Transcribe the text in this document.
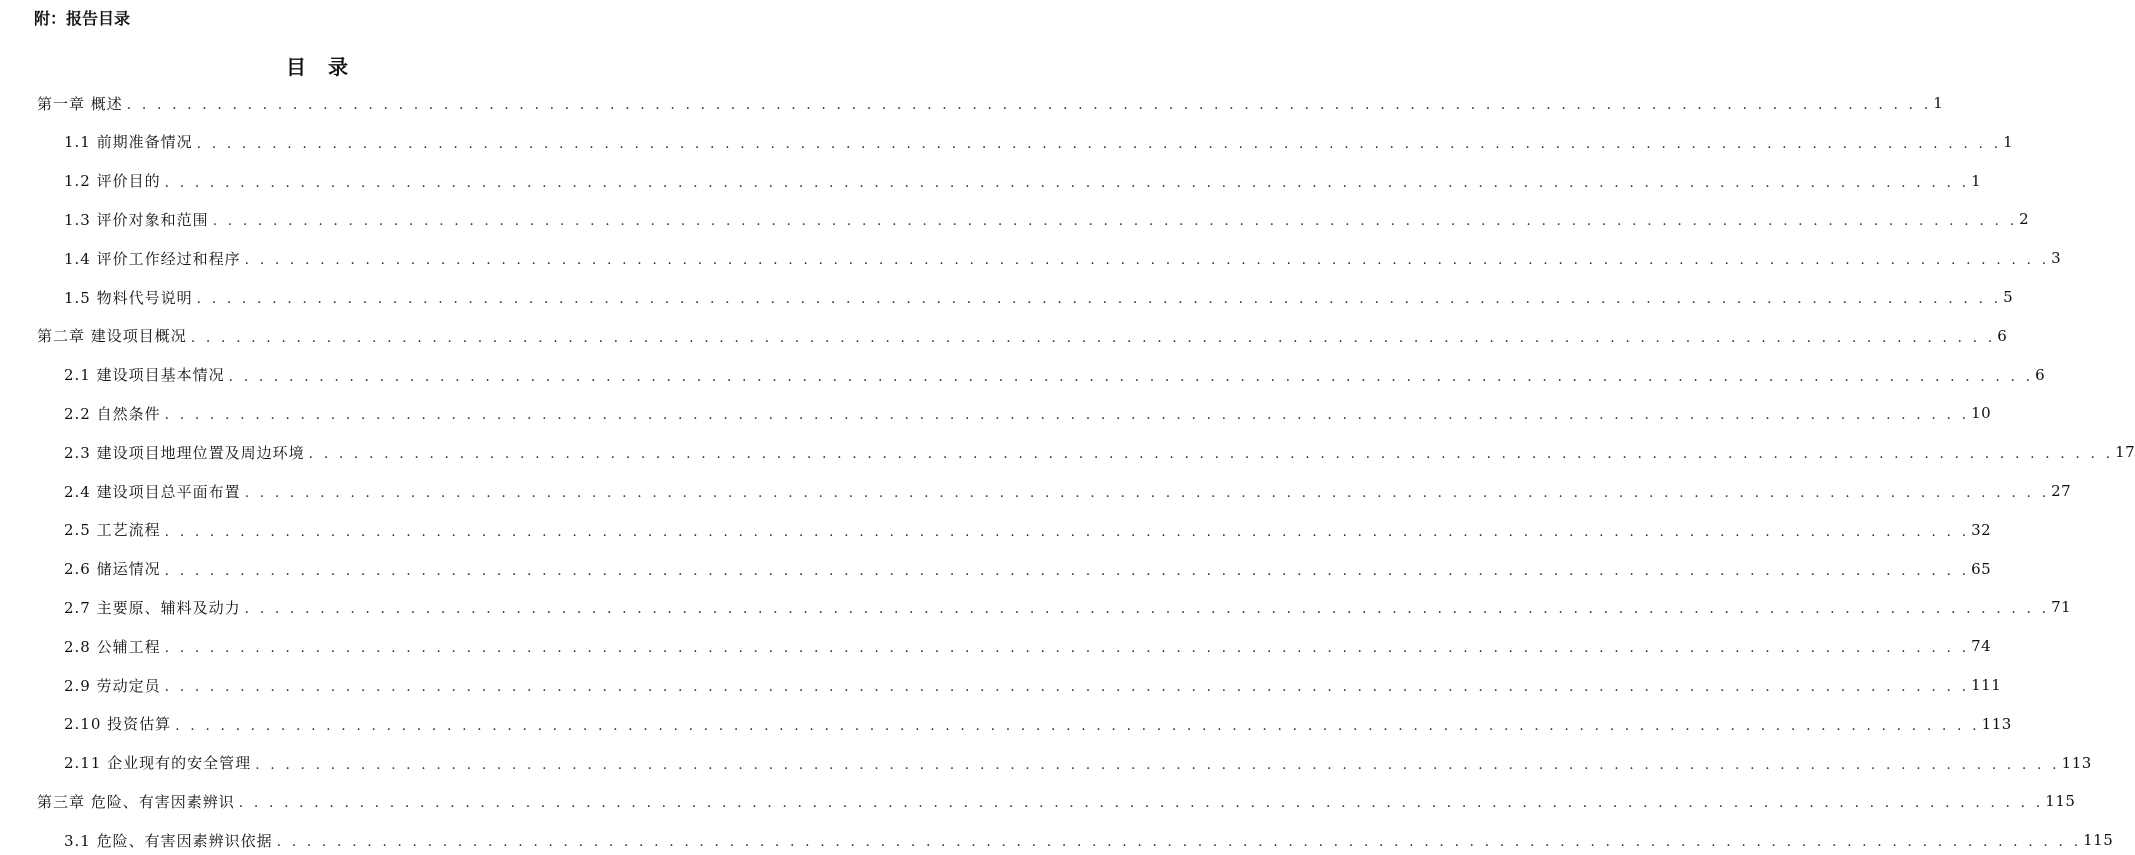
附：报告目录
目录
第一章 概述 . . . . . . . . . . . . . . . . . . . . . . . . . . . . . . . . . . . . . . . . . . . . . . . . . . . . . . . . . . . . . . . . . . . . . . . . . . . . . . . . . . . . . . . . . . . . . . . . . . . . . . . . . . . . . . . . . . . . . . . . 1
1.1 前期准备情况 . . . . . . . . . . . . . . . . . . . . . . . . . . . . . . . . . . . . . . . . . . . . . . . . . . . . . . . . . . . . . . . . . . . . . . . . . . . . . . . . . . . . . . . . . . . . . . . . . . . . . . . . . . . . . . . . . . . . . . . . 1
1.2 评价目的 . . . . . . . . . . . . . . . . . . . . . . . . . . . . . . . . . . . . . . . . . . . . . . . . . . . . . . . . . . . . . . . . . . . . . . . . . . . . . . . . . . . . . . . . . . . . . . . . . . . . . . . . . . . . . . . . . . . . . . . . 1
1.3 评价对象和范围 . . . . . . . . . . . . . . . . . . . . . . . . . . . . . . . . . . . . . . . . . . . . . . . . . . . . . . . . . . . . . . . . . . . . . . . . . . . . . . . . . . . . . . . . . . . . . . . . . . . . . . . . . . . . . . . . . . . . . . . . 2
1.4 评价工作经过和程序 . . . . . . . . . . . . . . . . . . . . . . . . . . . . . . . . . . . . . . . . . . . . . . . . . . . . . . . . . . . . . . . . . . . . . . . . . . . . . . . . . . . . . . . . . . . . . . . . . . . . . . . . . . . . . . . . . . . . . . . . 3
1.5 物料代号说明 . . . . . . . . . . . . . . . . . . . . . . . . . . . . . . . . . . . . . . . . . . . . . . . . . . . . . . . . . . . . . . . . . . . . . . . . . . . . . . . . . . . . . . . . . . . . . . . . . . . . . . . . . . . . . . . . . . . . . . . . 5
第二章 建设项目概况 . . . . . . . . . . . . . . . . . . . . . . . . . . . . . . . . . . . . . . . . . . . . . . . . . . . . . . . . . . . . . . . . . . . . . . . . . . . . . . . . . . . . . . . . . . . . . . . . . . . . . . . . . . . . . . . . . . . . . . . . 6
2.1 建设项目基本情况 . . . . . . . . . . . . . . . . . . . . . . . . . . . . . . . . . . . . . . . . . . . . . . . . . . . . . . . . . . . . . . . . . . . . . . . . . . . . . . . . . . . . . . . . . . . . . . . . . . . . . . . . . . . . . . . . . . . . . . . . 6
2.2 自然条件 . . . . . . . . . . . . . . . . . . . . . . . . . . . . . . . . . . . . . . . . . . . . . . . . . . . . . . . . . . . . . . . . . . . . . . . . . . . . . . . . . . . . . . . . . . . . . . . . . . . . . . . . . . . . . . . . . . . . . . . . 10
2.3 建设项目地理位置及周边环境 . . . . . . . . . . . . . . . . . . . . . . . . . . . . . . . . . . . . . . . . . . . . . . . . . . . . . . . . . . . . . . . . . . . . . . . . . . . . . . . . . . . . . . . . . . . . . . . . . . . . . . . . . . . . . . . . . . . . . . . . 17
2.4 建设项目总平面布置 . . . . . . . . . . . . . . . . . . . . . . . . . . . . . . . . . . . . . . . . . . . . . . . . . . . . . . . . . . . . . . . . . . . . . . . . . . . . . . . . . . . . . . . . . . . . . . . . . . . . . . . . . . . . . . . . . . . . . . . . 27
2.5 工艺流程 . . . . . . . . . . . . . . . . . . . . . . . . . . . . . . . . . . . . . . . . . . . . . . . . . . . . . . . . . . . . . . . . . . . . . . . . . . . . . . . . . . . . . . . . . . . . . . . . . . . . . . . . . . . . . . . . . . . . . . . . 32
2.6 储运情况 . . . . . . . . . . . . . . . . . . . . . . . . . . . . . . . . . . . . . . . . . . . . . . . . . . . . . . . . . . . . . . . . . . . . . . . . . . . . . . . . . . . . . . . . . . . . . . . . . . . . . . . . . . . . . . . . . . . . . . . . 65
2.7 主要原、辅料及动力 . . . . . . . . . . . . . . . . . . . . . . . . . . . . . . . . . . . . . . . . . . . . . . . . . . . . . . . . . . . . . . . . . . . . . . . . . . . . . . . . . . . . . . . . . . . . . . . . . . . . . . . . . . . . . . . . . . . . . . . . 71
2.8 公辅工程 . . . . . . . . . . . . . . . . . . . . . . . . . . . . . . . . . . . . . . . . . . . . . . . . . . . . . . . . . . . . . . . . . . . . . . . . . . . . . . . . . . . . . . . . . . . . . . . . . . . . . . . . . . . . . . . . . . . . . . . . 74
2.9 劳动定员 . . . . . . . . . . . . . . . . . . . . . . . . . . . . . . . . . . . . . . . . . . . . . . . . . . . . . . . . . . . . . . . . . . . . . . . . . . . . . . . . . . . . . . . . . . . . . . . . . . . . . . . . . . . . . . . . . . . . . . . . 111
2.10 投资估算 . . . . . . . . . . . . . . . . . . . . . . . . . . . . . . . . . . . . . . . . . . . . . . . . . . . . . . . . . . . . . . . . . . . . . . . . . . . . . . . . . . . . . . . . . . . . . . . . . . . . . . . . . . . . . . . . . . . . . . . . 113
2.11 企业现有的安全管理 . . . . . . . . . . . . . . . . . . . . . . . . . . . . . . . . . . . . . . . . . . . . . . . . . . . . . . . . . . . . . . . . . . . . . . . . . . . . . . . . . . . . . . . . . . . . . . . . . . . . . . . . . . . . . . . . . . . . . . . . 113
第三章 危险、有害因素辨识 . . . . . . . . . . . . . . . . . . . . . . . . . . . . . . . . . . . . . . . . . . . . . . . . . . . . . . . . . . . . . . . . . . . . . . . . . . . . . . . . . . . . . . . . . . . . . . . . . . . . . . . . . . . . . . . . . . . . . . . . 115
3.1 危险、有害因素辨识依据 . . . . . . . . . . . . . . . . . . . . . . . . . . . . . . . . . . . . . . . . . . . . . . . . . . . . . . . . . . . . . . . . . . . . . . . . . . . . . . . . . . . . . . . . . . . . . . . . . . . . . . . . . . . . . . . . . . . . . . . . 115
